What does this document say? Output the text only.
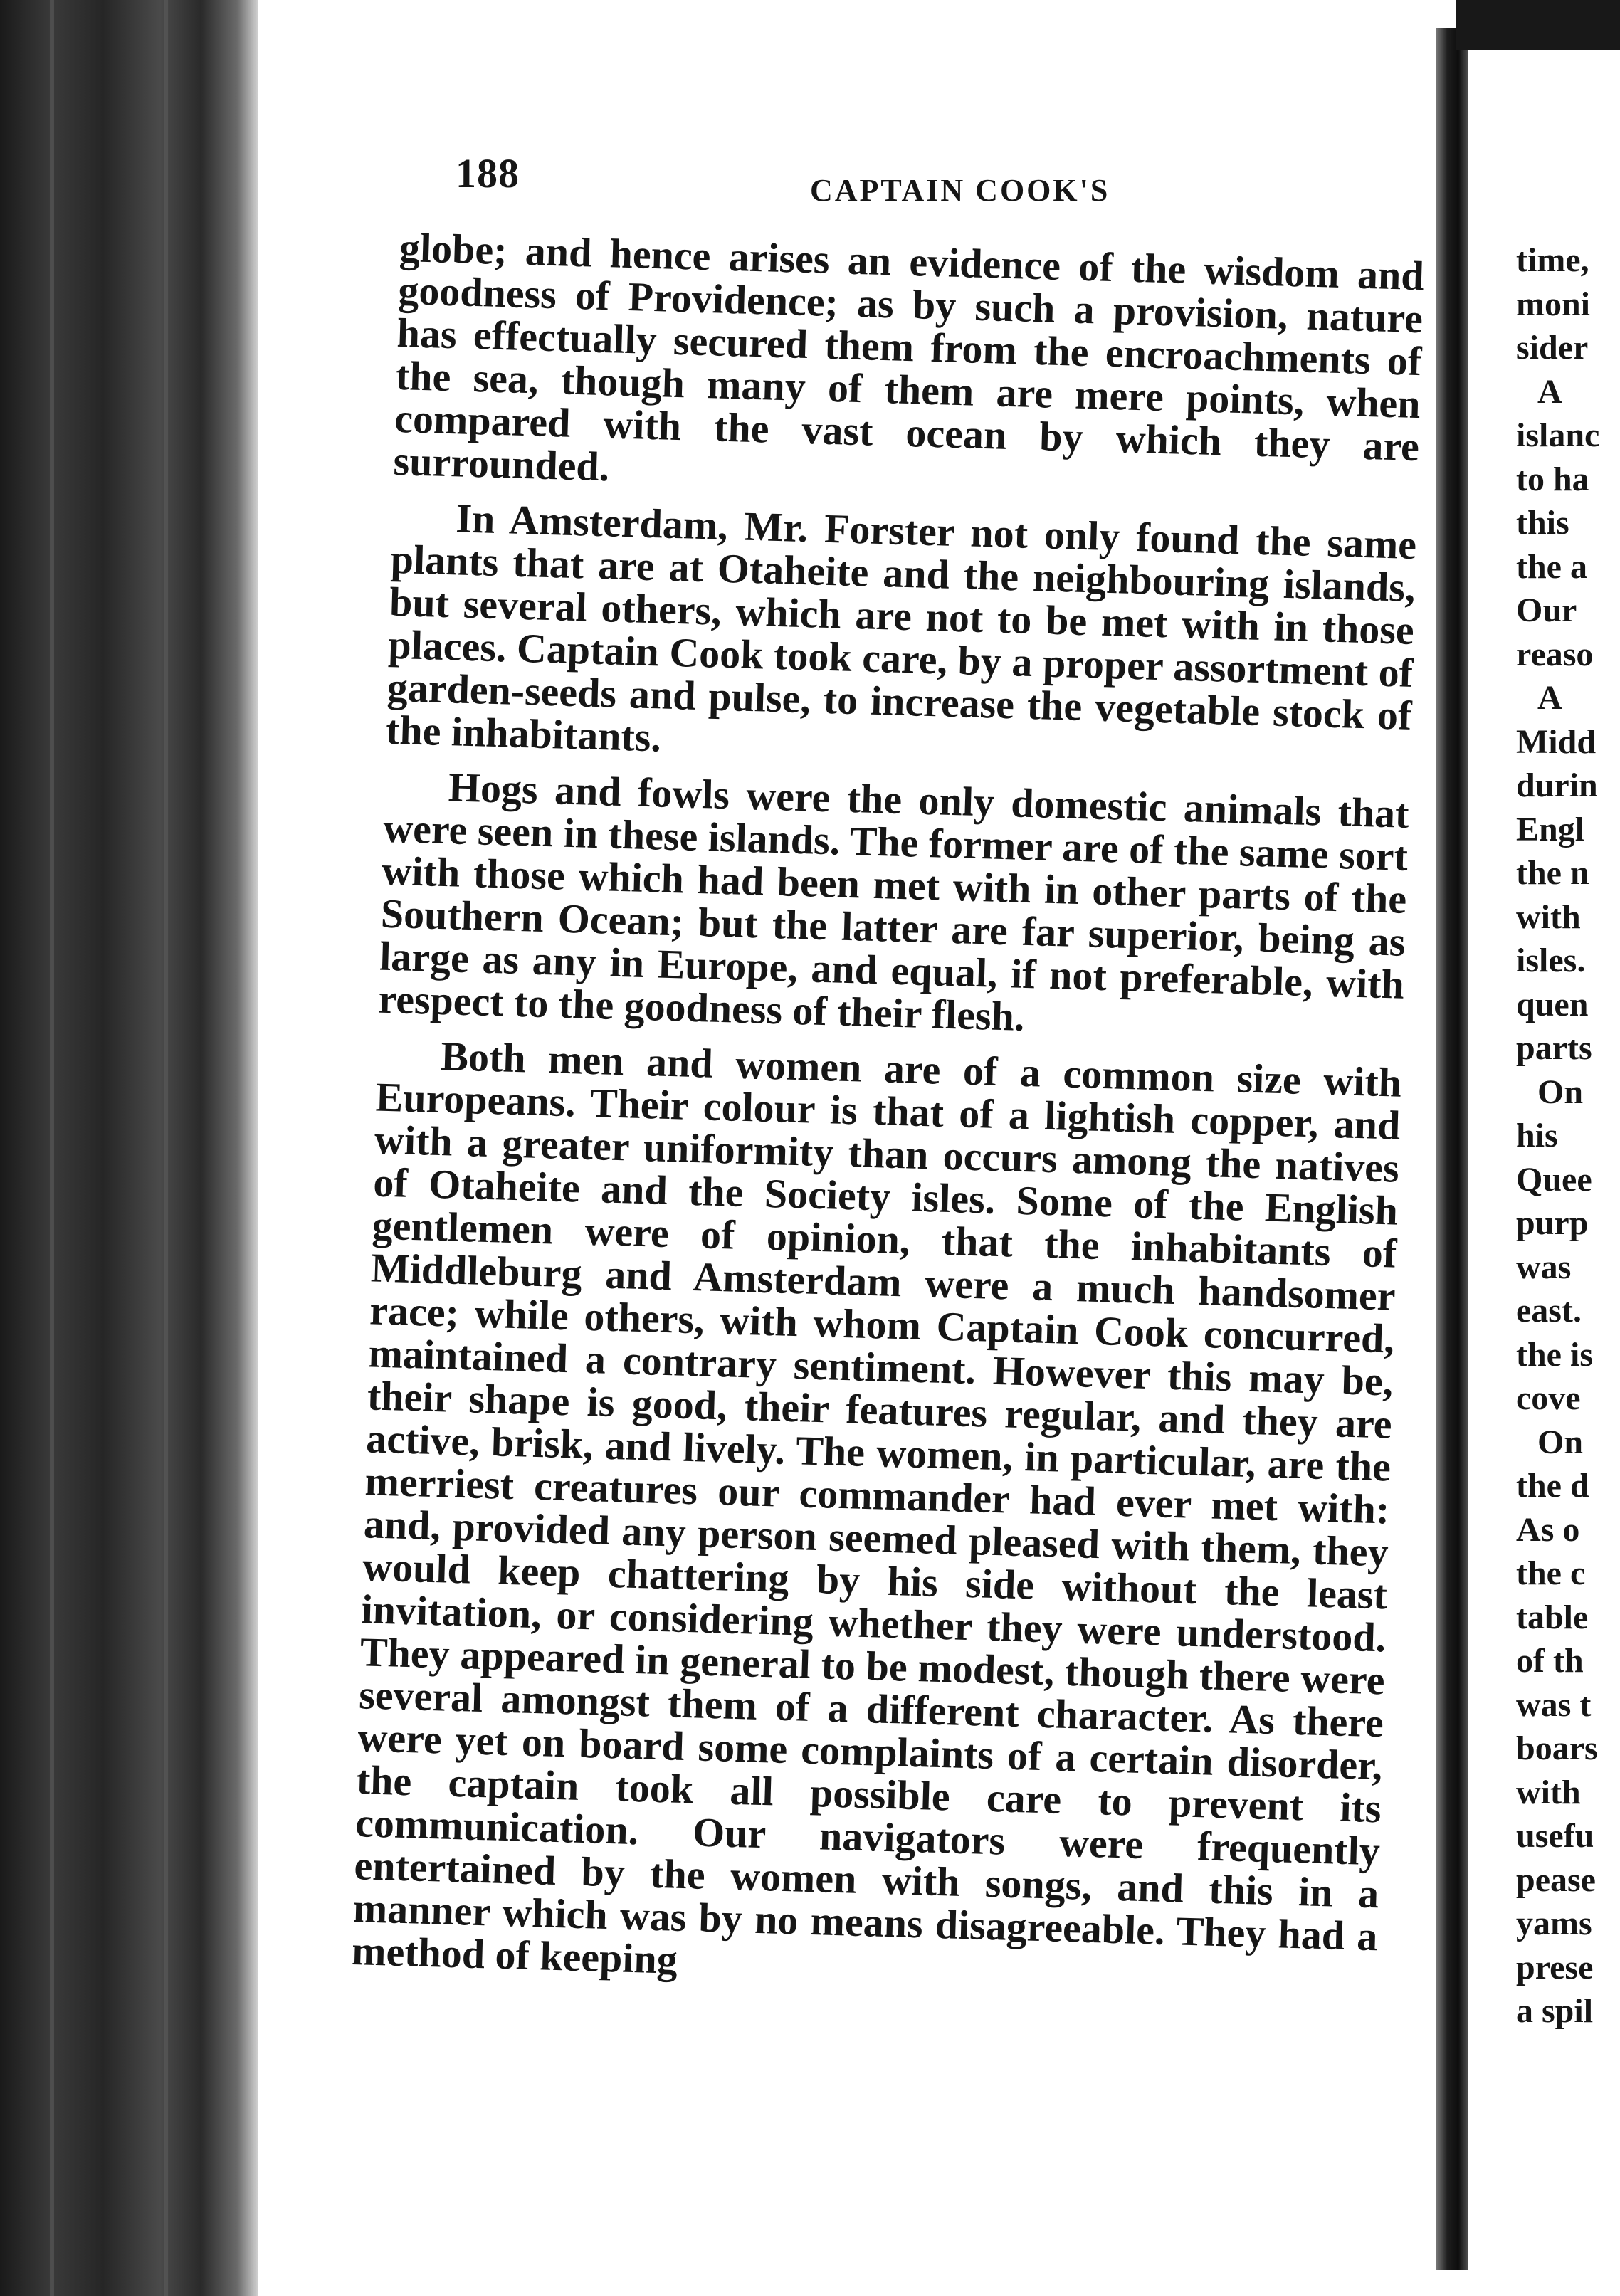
188	CAPTAIN COOK'S

globe; and hence arises an evidence of the wisdom and goodness of Providence; as by such a provision, nature has effectually secured them from the encroachments of the sea, though many of them are mere points, when compared with the vast ocean by which they are surrounded.

In Amsterdam, Mr. Forster not only found the same plants that are at Otaheite and the neighbouring islands, but several others, which are not to be met with in those places. Captain Cook took care, by a proper assortment of garden-seeds and pulse, to increase the vegetable stock of the inhabitants.

Hogs and fowls were the only domestic animals that were seen in these islands. The former are of the same sort with those which had been met with in other parts of the Southern Ocean; but the latter are far superior, being as large as any in Europe, and equal, if not preferable, with respect to the goodness of their flesh.

Both men and women are of a common size with Europeans. Their colour is that of a lightish copper, and with a greater uniformity than occurs among the natives of Otaheite and the Society isles. Some of the English gentlemen were of opinion, that the inhabitants of Middleburg and Amsterdam were a much handsomer race; while others, with whom Captain Cook concurred, maintained a contrary sentiment. However this may be, their shape is good, their features regular, and they are active, brisk, and lively. The women, in particular, are the merriest creatures our commander had ever met with: and, provided any person seemed pleased with them, they would keep chattering by his side without the least invitation, or considering whether they were understood. They appeared in general to be modest, though there were several amongst them of a different character. As there were yet on board some complaints of a certain disorder, the captain took all possible care to prevent its communication. Our navigators were frequently entertained by the women with songs, and this in a manner which was by no means disagreeable. They had a method of keeping

time,
moni
sider
A
islanc
to ha
this
the a
Our
reaso
A
Midd
durin
Engl
the n
with
isles.
quen
parts
On
his
Quee
purp
was
east.
the is
cove
On
the d
As o
the c
table
of th
was t
boars
with
usefu
pease
yams
prese
a spil
